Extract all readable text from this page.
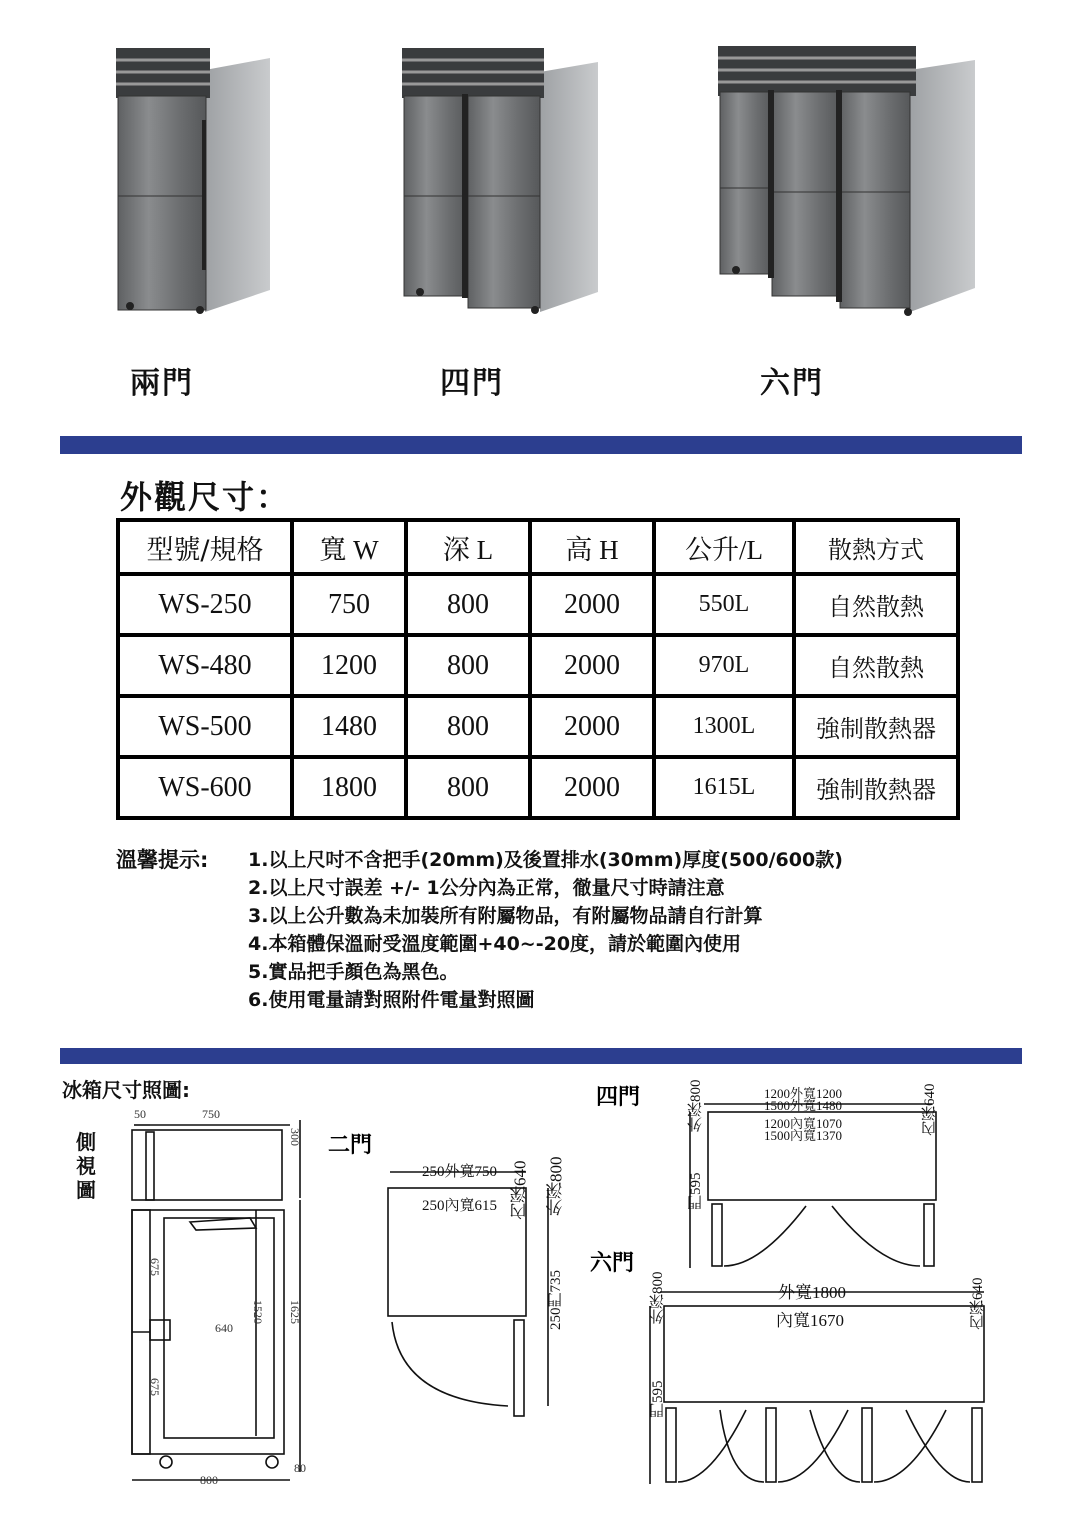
兩門	四門	六門
外觀尺寸：
型號/規格	寬 W	深 L	高 H	公升/L	散熱方式
WS-250	750	800	2000	550L	自然散熱
WS-480	1200	800	2000	970L	自然散熱
WS-500	1480	800	2000	1300L	強制散熱器
WS-600	1800	800	2000	1615L	強制散熱器
溫馨提示: 1.以上尺吋不含把手(20mm)及後置排水(30mm)厚度(500/600款)
2.以上尺寸誤差 +/- 1公分內為正常，徹量尺寸時請注意
3.以上公升數為未加裝所有附屬物品，有附屬物品請自行計算
4.本箱體保溫耐受溫度範圍+40~-20度，請於範圍內使用
5.實品把手顏色為黑色。
6.使用電量請對照附件電量對照圖
冰箱尺寸照圖:
側視圖
50	750
300
675
675
640
1520 1625
800
80
二門
250外寬750
250內寬615 內深640 外深800
250門735
四門	1200外寬1200
1500外寬1480
1200內寬1070
1500內寬1370
外深800	內深640
門595
六門
外寬1800
內寬1670
外深800	內深640
門595
